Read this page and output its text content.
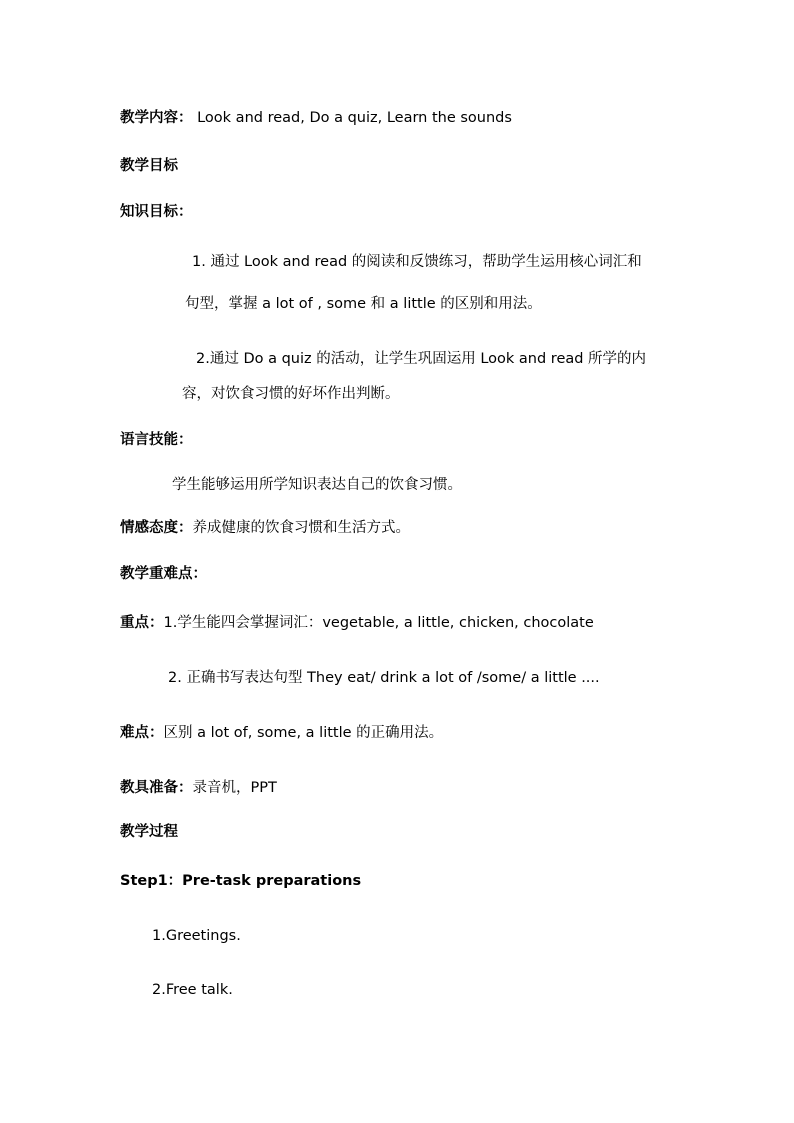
教学内容： Look and read, Do a quiz, Learn the sounds
教学目标
知识目标：
1. 通过 Look and read 的阅读和反馈练习，帮助学生运用核心词汇和
句型，掌握 a lot of , some 和 a little 的区别和用法。
2.通过 Do a quiz 的活动，让学生巩固运用 Look and read 所学的内
容，对饮食习惯的好坏作出判断。
语言技能：
学生能够运用所学知识表达自己的饮食习惯。
情感态度：养成健康的饮食习惯和生活方式。
教学重难点：
重点：1.学生能四会掌握词汇：vegetable, a little, chicken, chocolate
2. 正确书写表达句型 They eat/ drink a lot of /some/ a little ....
难点：区别 a lot of, some, a little 的正确用法。
教具准备：录音机，PPT
教学过程
Step1：Pre-task preparations
1.Greetings.
2.Free talk.
